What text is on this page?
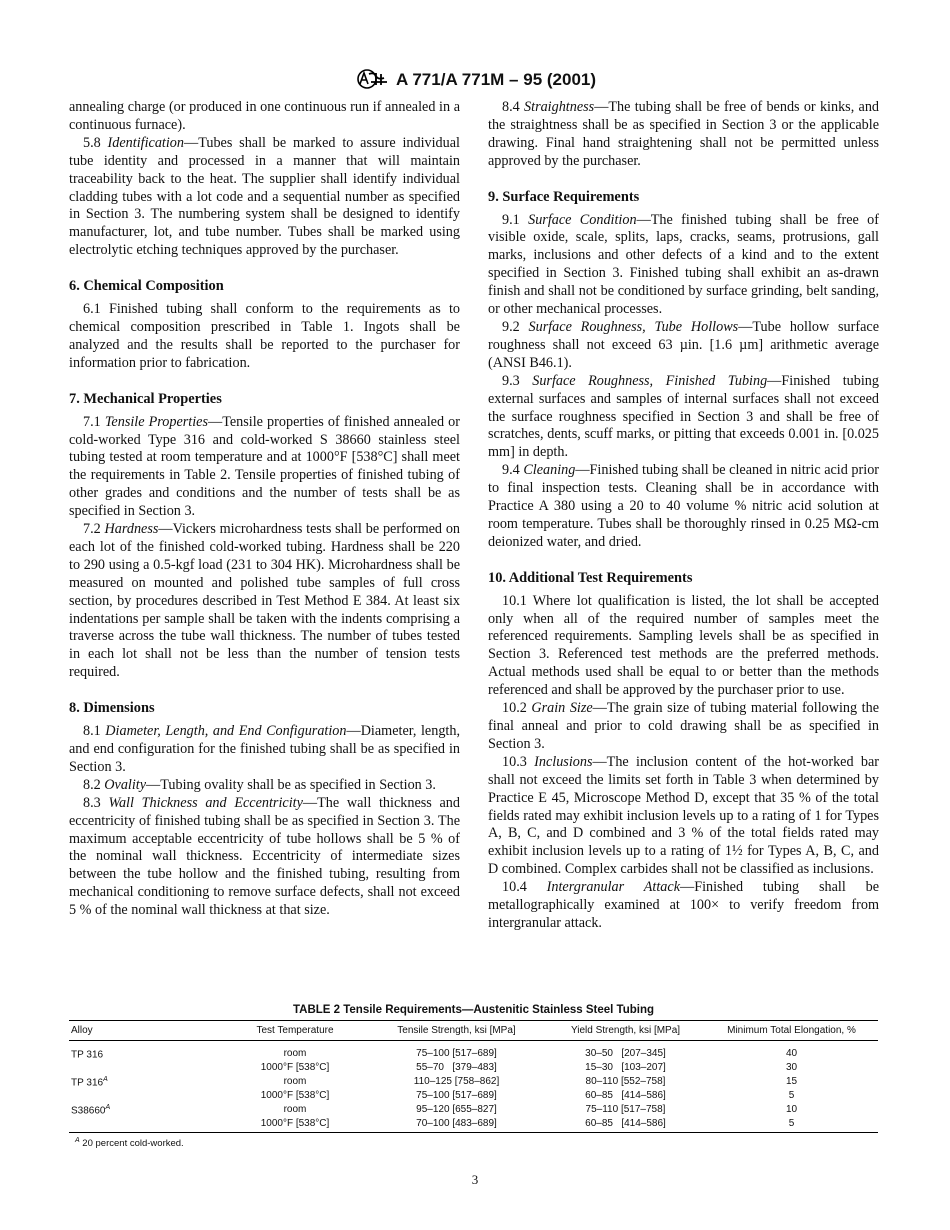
A 771/A 771M – 95 (2001)

annealing charge (or produced in one continuous run if annealed in a continuous furnace).

5.8 Identification—Tubes shall be marked to assure individual tube identity and processed in a manner that will maintain traceability back to the heat. The supplier shall identify individual cladding tubes with a lot code and a sequential number as specified in Section 3. The numbering system shall be designed to identify manufacturer, lot, and tube number. Tubes shall be marked using electrolytic etching techniques approved by the purchaser.

6. Chemical Composition

6.1 Finished tubing shall conform to the requirements as to chemical composition prescribed in Table 1. Ingots shall be analyzed and the results shall be reported to the purchaser for information prior to fabrication.

7. Mechanical Properties

7.1 Tensile Properties—Tensile properties of finished annealed or cold-worked Type 316 and cold-worked S 38660 stainless steel tubing tested at room temperature and at 1000°F [538°C] shall meet the requirements in Table 2. Tensile properties of finished tubing of other grades and conditions and the number of tests shall be as specified in Section 3.

7.2 Hardness—Vickers microhardness tests shall be performed on each lot of the finished cold-worked tubing. Hardness shall be 220 to 290 using a 0.5-kgf load (231 to 304 HK). Microhardness shall be measured on mounted and polished tube samples of full cross section, by procedures described in Test Method E 384. At least six indentations per sample shall be taken with the indents comprising a traverse across the tube wall thickness. The number of tubes tested in each lot shall not be less than the number of tension tests required.

8. Dimensions

8.1 Diameter, Length, and End Configuration—Diameter, length, and end configuration for the finished tubing shall be as specified in Section 3.

8.2 Ovality—Tubing ovality shall be as specified in Section 3.

8.3 Wall Thickness and Eccentricity—The wall thickness and eccentricity of finished tubing shall be as specified in Section 3. The maximum acceptable eccentricity of tube hollows shall be 5 % of the nominal wall thickness. Eccentricity of intermediate sizes between the tube hollow and the finished tubing, resulting from mechanical conditioning to remove surface defects, shall not exceed 5 % of the nominal wall thickness at that size.

8.4 Straightness—The tubing shall be free of bends or kinks, and the straightness shall be as specified in Section 3 or the applicable drawing. Final hand straightening shall not be permitted unless approved by the purchaser.

9. Surface Requirements

9.1 Surface Condition—The finished tubing shall be free of visible oxide, scale, splits, laps, cracks, seams, protrusions, gall marks, inclusions and other defects of a kind and to the extent specified in Section 3. Finished tubing shall exhibit an as-drawn finish and shall not be conditioned by surface grinding, belt sanding, or other mechanical processes.

9.2 Surface Roughness, Tube Hollows—Tube hollow surface roughness shall not exceed 63 µin. [1.6 µm] arithmetic average (ANSI B46.1).

9.3 Surface Roughness, Finished Tubing—Finished tubing external surfaces and samples of internal surfaces shall not exceed the surface roughness specified in Section 3 and shall be free of scratches, dents, scuff marks, or pitting that exceeds 0.001 in. [0.025 mm] in depth.

9.4 Cleaning—Finished tubing shall be cleaned in nitric acid prior to final inspection tests. Cleaning shall be in accordance with Practice A 380 using a 20 to 40 volume % nitric acid solution at room temperature. Tubes shall be thoroughly rinsed in 0.25 MΩ-cm deionized water, and dried.

10. Additional Test Requirements

10.1 Where lot qualification is listed, the lot shall be accepted only when all of the required number of samples meet the referenced requirements. Sampling levels shall be as specified in Section 3. Referenced test methods are the preferred methods. Actual methods used shall be equal to or better than the methods referenced and shall be approved by the purchaser prior to use.

10.2 Grain Size—The grain size of tubing material following the final anneal and prior to cold drawing shall be as specified in Section 3.

10.3 Inclusions—The inclusion content of the hot-worked bar shall not exceed the limits set forth in Table 3 when determined by Practice E 45, Microscope Method D, except that 35 % of the total fields rated may exhibit inclusion levels up to a rating of 1 for Types A, B, C, and D combined and 3 % of the total fields rated may exhibit inclusion levels up to a rating of 1½ for Types A, B, C, and D combined. Complex carbides shall not be classified as inclusions.

10.4 Intergranular Attack—Finished tubing shall be metallographically examined at 100× to verify freedom from intergranular attack.

TABLE 2 Tensile Requirements—Austenitic Stainless Steel Tubing
Alloy	Test Temperature	Tensile Strength, ksi [MPa]	Yield Strength, ksi [MPa]	Minimum Total Elongation, %
TP 316	room	75–100 [517–689]	30–50   [207–345]	40
	1000°F [538°C]	55–70   [379–483]	15–30   [103–207]	30
TP $316^A$	room	110–125 [758–862]	80–110 [552–758]	15
	1000°F [538°C]	75–100 [517–689]	60–85   [414–586]	5
$S38660^A$	room	95–120 [655–827]	75–110 [517–758]	10
	1000°F [538°C]	70–100 [483–689]	60–85   [414–586]	5
$^A$ 20 percent cold-worked.
3
